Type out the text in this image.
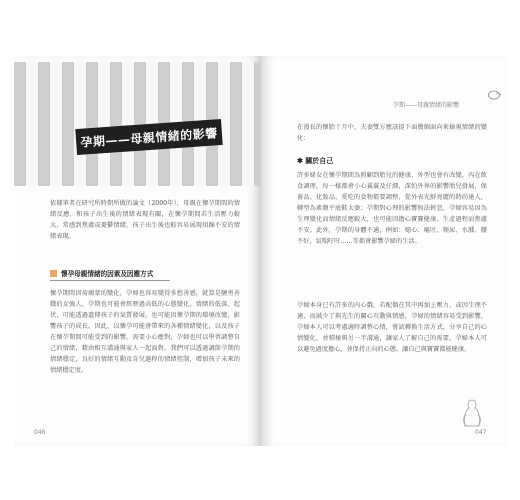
孕期——母親情緒的影響
依據筆者在研究所時期所做的論文（2000年），母親在懷孕期間的情緒反應，和孩子出生後的情緒表現有關，在懷孕期間若生活壓力較大，常感到焦慮或憂鬱情緒，孩子出生後也較容易展現煩躁不安的情緒表現。
懷孕母親情緒的因素及因應方式
懷孕期間因荷爾蒙的變化，孕婦也容易變得多愁善感，就算是驍勇善戰的女強人，孕期也可能會經歷過高低的心態變化。情緒的低落、起伏，可能透過遺傳孩子的氣質發展，也可能因懷孕期的環境改變，影響孩子的成長。因此，以懷孕可能會帶來的各種情緒變化，以及孩子在懷孕期間可能受到的影響，需要小心應對，孕婦也可以學習調整自己的情緒，藉由相互溝通與家人一起面對。我們可以透過調節孕期的情緒穩定，良好的情緒互動及育兒過程的情緒控制，增加孩子未來的情緒穩定度。
046
孕期——母親情緒的影響
在漫長的懷胎十月中，夫妻雙方應該提下面幾個面向來檢視情緒的變化：
✱ 關於自己
許多婦女在懷孕期間為照顧到胎兒的健康，外型也會有改變，內在飲食調理，每一樣都會小心翼翼及仔細，深怕外界的影響胎兒發展，保養品、化妝品、愛吃的食物都要調整，從外表光鮮亮麗的時尚達人，轉型為素顏平底鞋太婆；孕期對心理的影響無法輕忽，孕婦容易因為生理變化而情緒反應較大，也可能因擔心寶寶健康、生產過程而焦慮不安。此外，孕期的身體不適，例如：噁心、嘔吐、頻尿、水腫、腰不好，氣喘吁吁……等都會影響孕婦的生活。
孕婦本身已有許多的內心戲，若配偶在其中再加上壓力，或因生理不適，而減少了與先生的關心互動與情感，孕婦的情緒容易受到影響，孕婦本人可以考慮適時調整心情，嘗試轉換生活方式，分享自己的心情變化，並積極與另一半溝通，讓家人了解自己的需要，孕婦本人可以避免過度擔心，並保持正向的心態，讓自己與寶寶都能健康。
047
